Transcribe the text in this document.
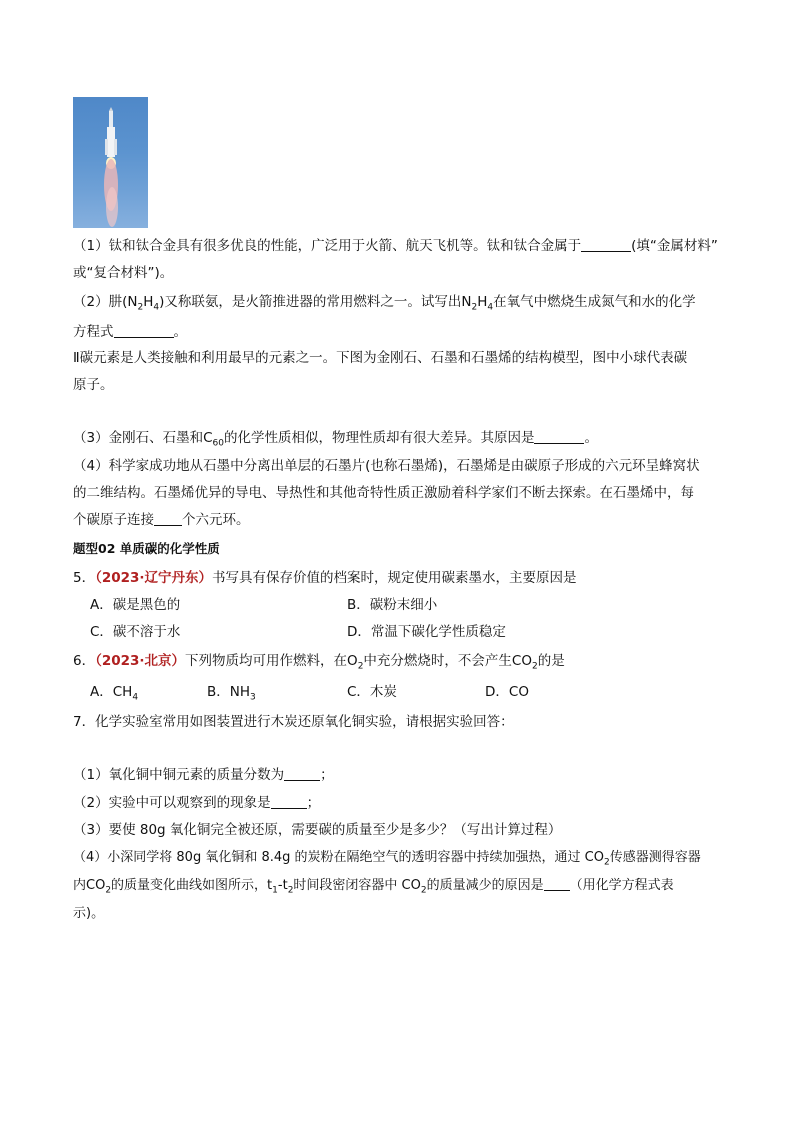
（1）钛和钛合金具有很多优良的性能，广泛用于火箭、航天飞机等。钛和钛合金属于	(填“金属材料”
或“复合材料”)。
（2）肼$(N_2H_4)$又称联氨，是火箭推进器的常用燃料之一。试写出$N_2H_4$在氧气中燃烧生成氮气和水的化学
方程式	。
Ⅱ碳元素是人类接触和利用最早的元素之一。下图为金刚石、石墨和石墨烯的结构模型，图中小球代表碳
原子。
（3）金刚石、石墨和$C_{60}$的化学性质相似，物理性质却有很大差异。其原因是	。
（4）科学家成功地从石墨中分离出单层的石墨片(也称石墨烯)，石墨烯是由碳原子形成的六元环呈蜂窝状
的二维结构。石墨烯优异的导电、导热性和其他奇特性质正激励着科学家们不断去探索。在石墨烯中，每
个碳原子连接 个六元环。
题型02 单质碳的化学性质
5．（2023·辽宁丹东）书写具有保存价值的档案时，规定使用碳素墨水，主要原因是
A．碳是黑色的	B．碳粉末细小
C．碳不溶于水	D．常温下碳化学性质稳定
6．（2023·北京）下列物质均可用作燃料，在$O_2$中充分燃烧时，不会产生$CO_2$的是
A．$CH_4$	B．$NH_3$	C．木炭	D．CO
7．化学实验室常用如图装置进行木炭还原氧化铜实验，请根据实验回答：
（1）氧化铜中铜元素的质量分数为	；
（2）实验中可以观察到的现象是	；
（3）要使 80g 氧化铜完全被还原，需要碳的质量至少是多少？（写出计算过程）
（4）小深同学将 80g 氧化铜和 8.4g 的炭粉在隔绝空气的透明容器中持续加强热，通过 $CO_2$传感器测得容器
内$CO_2$的质量变化曲线如图所示，$t_1-t_2$时间段密闭容器中 $CO_2$的质量减少的原因是 （用化学方程式表
示)。
